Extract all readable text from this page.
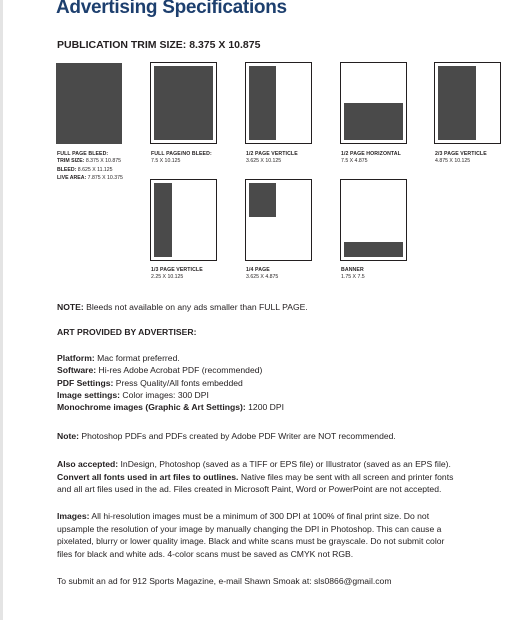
Advertising Specifications
PUBLICATION TRIM SIZE: 8.375 X 10.875
FULL PAGE BLEED:
TRIM SIZE: 8.375 X 10.875
BLEED: 8.625 X 11.125
LIVE AREA: 7.875 X 10.375
FULL PAGE/NO BLEED:
7.5 X 10.125
1/2 PAGE VERTICLE
3.625 X 10.125
1/2 PAGE HORIZONTAL
7.5 X 4.875
2/3 PAGE VERTICLE
4.875 X 10.125
1/3 PAGE VERTICLE
2.25 X 10.125
1/4 PAGE
3.625 X 4.875
BANNER
1.75 X 7.5
NOTE: Bleeds not available on any ads smaller than FULL PAGE.
ART PROVIDED BY ADVERTISER:
Platform: Mac format preferred.
Software: Hi-res Adobe Acrobat PDF (recommended)
PDF Settings: Press Quality/All fonts embedded
Image settings: Color images: 300 DPI
Monochrome images (Graphic & Art Settings): 1200 DPI
Note: Photoshop PDFs and PDFs created by Adobe PDF Writer are NOT recommended.
Also accepted: InDesign, Photoshop (saved as a TIFF or EPS file) or Illustrator (saved as an EPS file).
Convert all fonts used in art files to outlines. Native files may be sent with all screen and printer fonts
and all art files used in the ad. Files created in Microsoft Paint, Word or PowerPoint are not accepted.
Images: All hi-resolution images must be a minimum of 300 DPI at 100% of final print size. Do not
upsample the resolution of your image by manually changing the DPI in Photoshop. This can cause a
pixelated, blurry or lower quality image. Black and white scans must be grayscale. Do not submit color
files for black and white ads. 4-color scans must be saved as CMYK not RGB.
To submit an ad for 912 Sports Magazine, e-mail Shawn Smoak at: sls0866@gmail.com
